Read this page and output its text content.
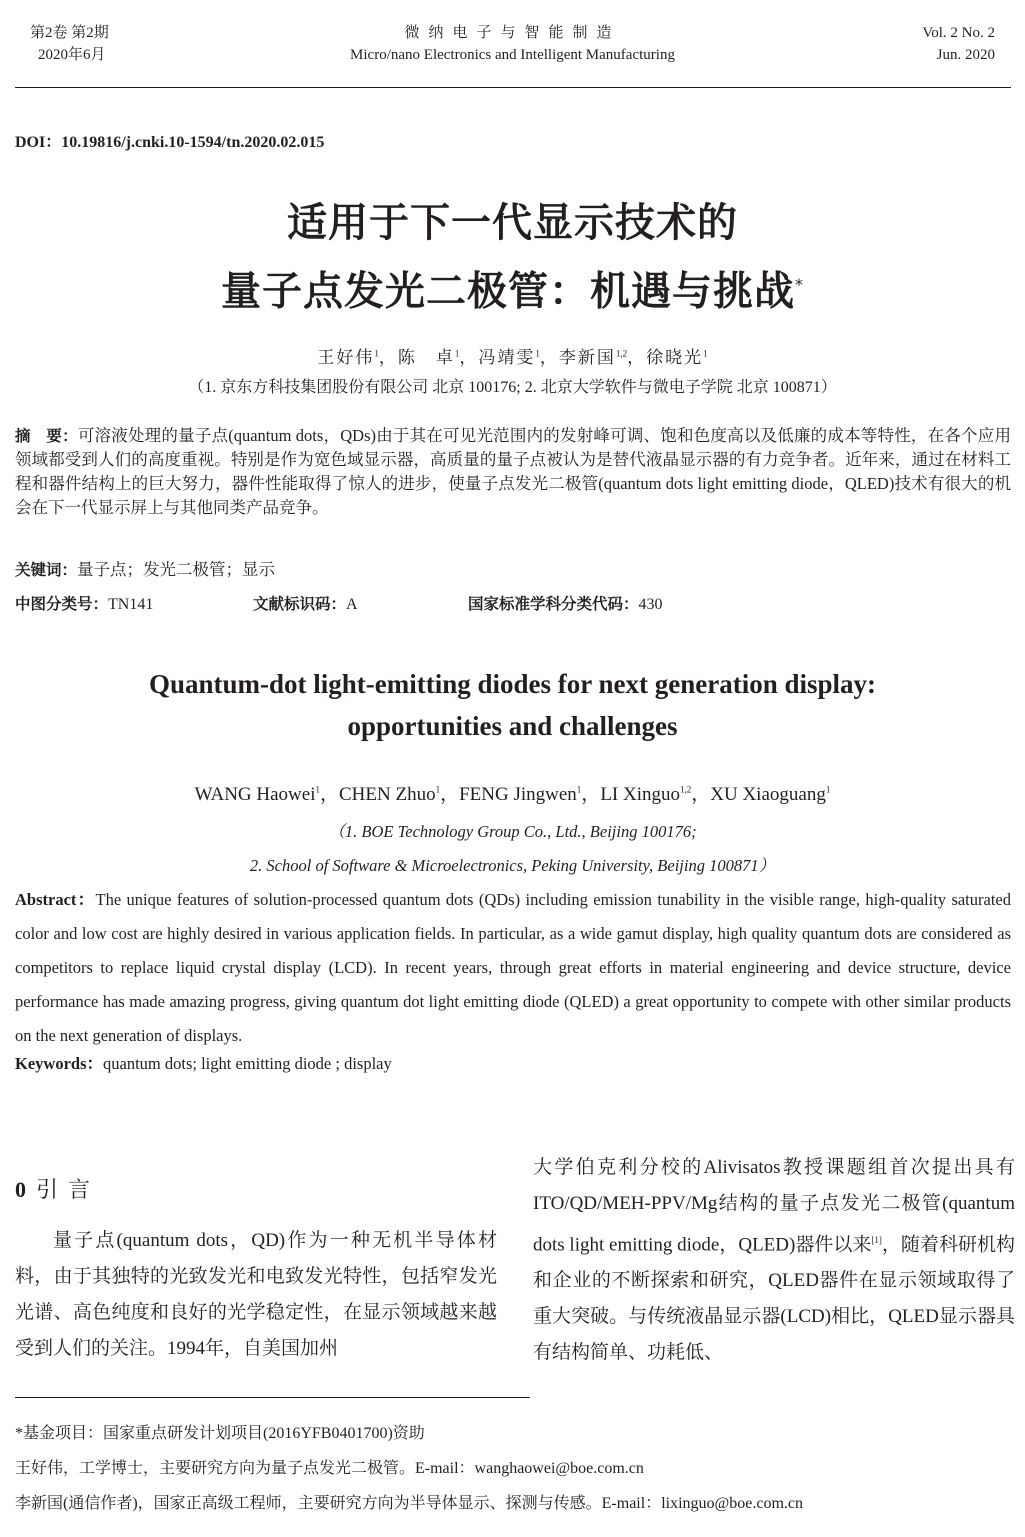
第2卷 第2期
2020年6月
微纳电子与智能制造
Micro/nano Electronics and Intelligent Manufacturing
Vol. 2 No. 2
Jun. 2020
DOI：10.19816/j.cnki.10-1594/tn.2020.02.015
适用于下一代显示技术的
量子点发光二极管：机遇与挑战*
王好伟$^1$，陈　卓$^1$，冯靖雯$^1$，李新国$^{1,2}$，徐晓光$^1$
（1. 京东方科技集团股份有限公司 北京 100176; 2. 北京大学软件与微电子学院 北京 100871）
摘　要：可溶液处理的量子点(quantum dots，QDs)由于其在可见光范围内的发射峰可调、饱和色度高以及低廉的成本等特性，在各个应用领域都受到人们的高度重视。特别是作为宽色域显示器，高质量的量子点被认为是替代液晶显示器的有力竞争者。近年来，通过在材料工程和器件结构上的巨大努力，器件性能取得了惊人的进步，使量子点发光二极管(quantum dots light emitting diode，QLED)技术有很大的机会在下一代显示屏上与其他同类产品竞争。
关键词：量子点；发光二极管；显示
中图分类号：TN141	文献标识码：A	国家标准学科分类代码：430
Quantum-dot light-emitting diodes for next generation display:
opportunities and challenges
WANG Haowei$^1$，CHEN Zhuo$^1$，FENG Jingwen$^1$，LI Xinguo$^{1,2}$，XU Xiaoguang$^1$
（1. BOE Technology Group Co., Ltd., Beijing 100176;
2. School of Software & Microelectronics, Peking University, Beijing 100871）
Abstract：The unique features of solution-processed quantum dots (QDs) including emission tunability in the visible range, high-quality saturated color and low cost are highly desired in various application fields. In particular, as a wide gamut display, high quality quantum dots are considered as competitors to replace liquid crystal display (LCD). In recent years, through great efforts in material engineering and device structure, device performance has made amazing progress, giving quantum dot light emitting diode (QLED) a great opportunity to compete with other similar products on the next generation of displays.
Keywords：quantum dots; light emitting diode ; display
0 引言
量子点(quantum dots，QD)作为一种无机半导体材料，由于其独特的光致发光和电致发光特性，包括窄发光光谱、高色纯度和良好的光学稳定性，在显示领域越来越受到人们的关注。1994年，自美国加州
大学伯克利分校的Alivisatos教授课题组首次提出具有ITO/QD/MEH-PPV/Mg结构的量子点发光二极管(quantum dots light emitting diode，QLED)器件以来[1]，随着科研机构和企业的不断探索和研究，QLED器件在显示领域取得了重大突破。与传统液晶显示器(LCD)相比，QLED显示器具有结构简单、功耗低、
*基金项目：国家重点研发计划项目(2016YFB0401700)资助
王好伟，工学博士，主要研究方向为量子点发光二极管。E-mail：wanghaowei@boe.com.cn
李新国(通信作者)，国家正高级工程师，主要研究方向为半导体显示、探测与传感。E-mail：lixinguo@boe.com.cn
